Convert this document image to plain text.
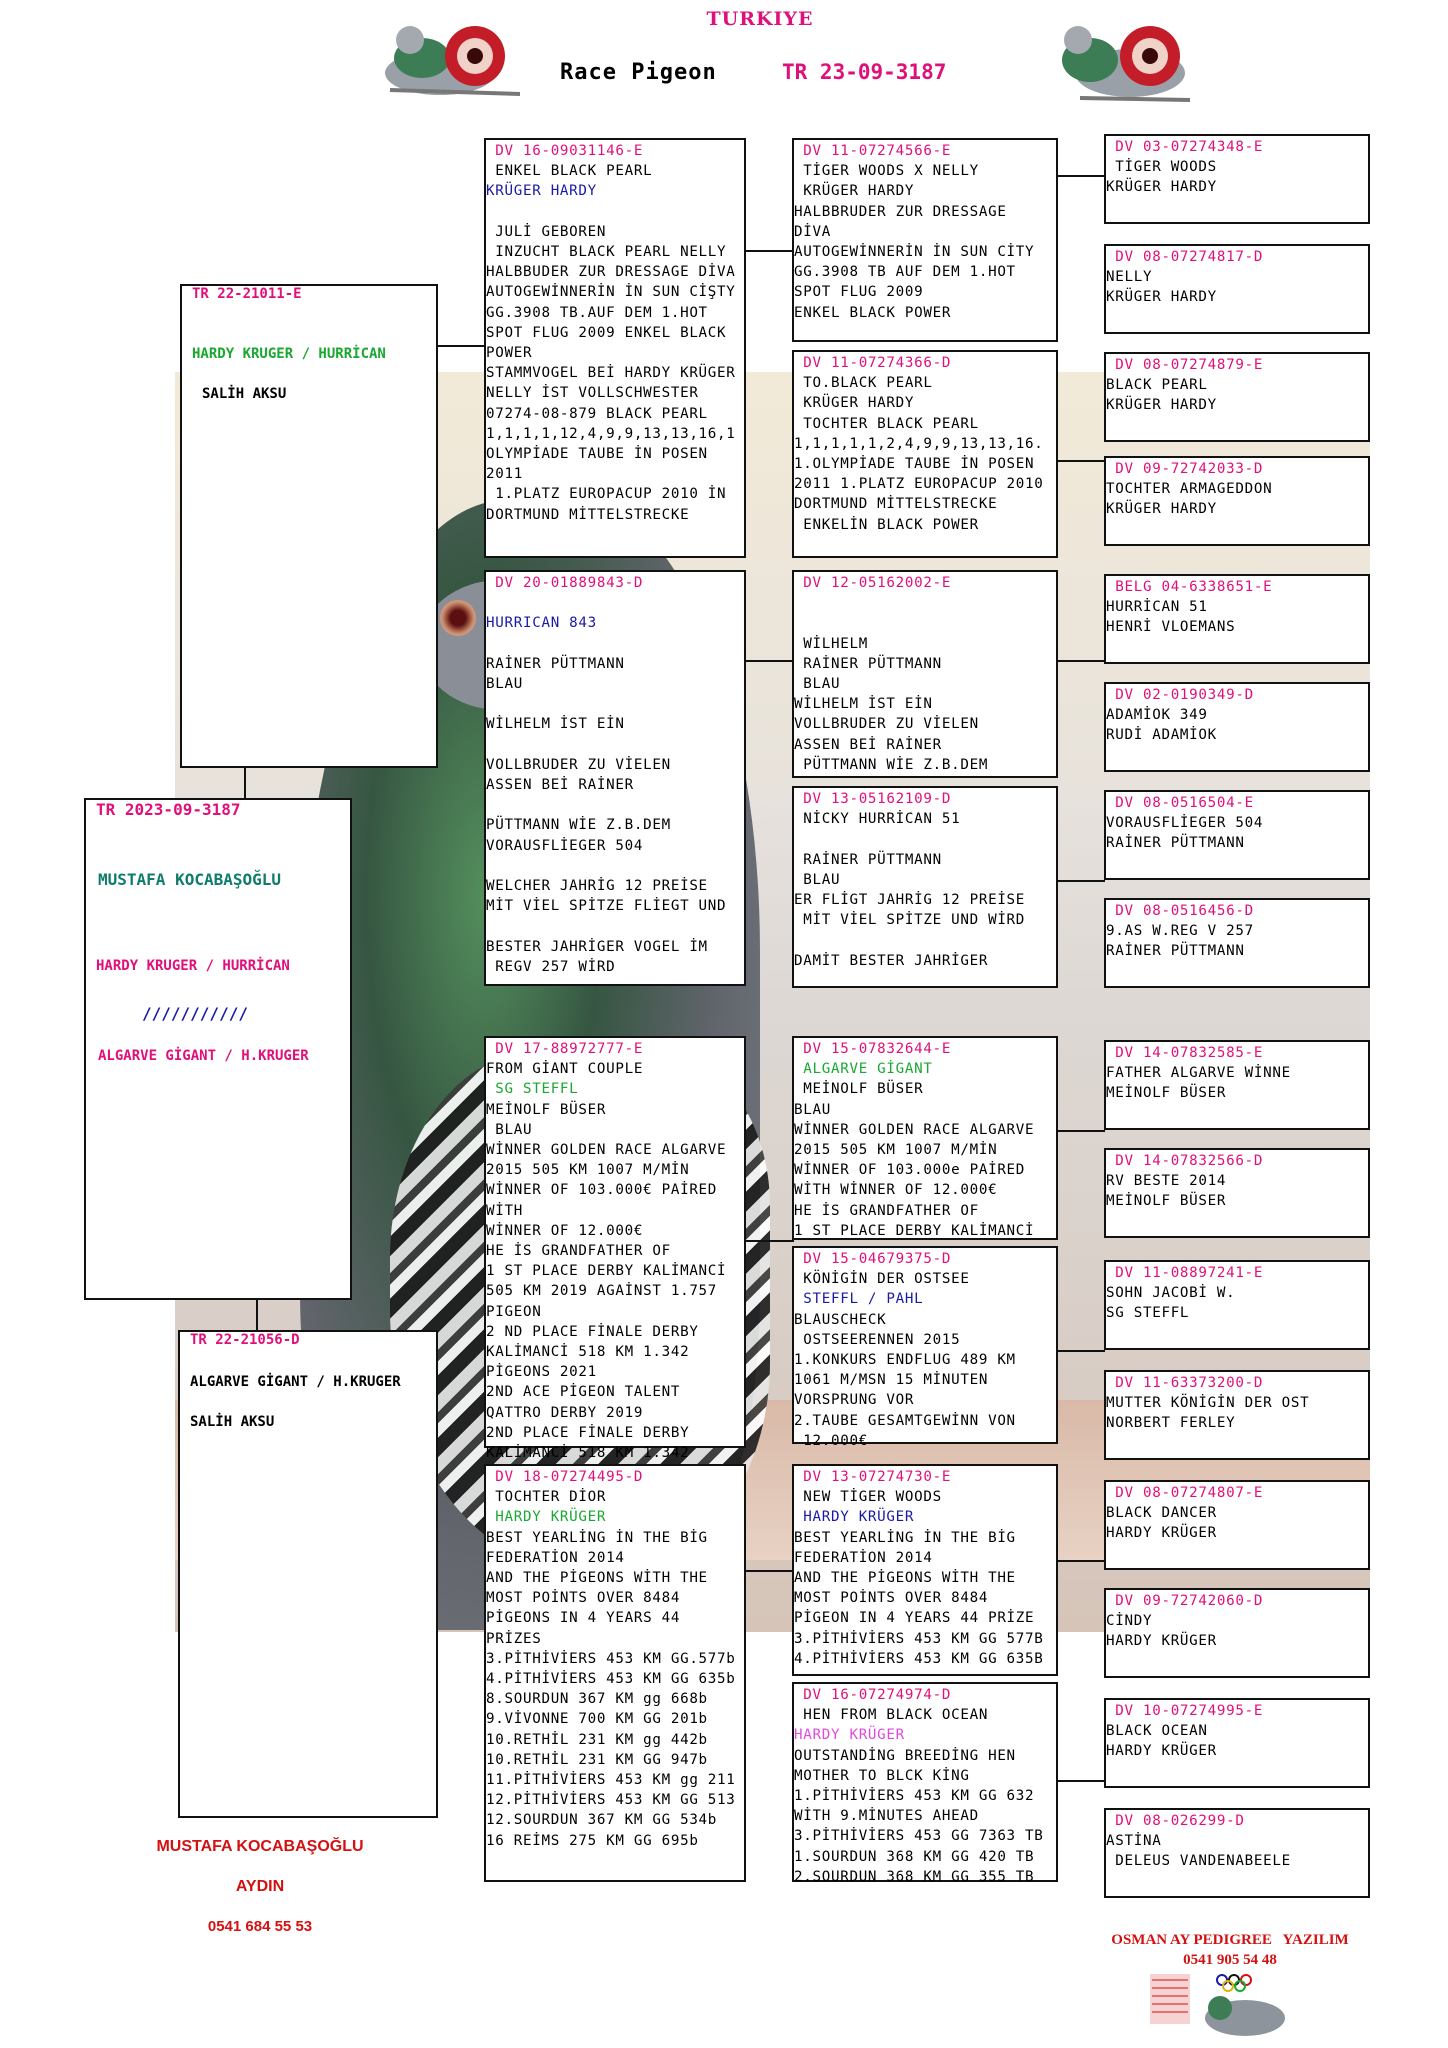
TURKIYE
Race Pigeon	TR 23-09-3187

TR 2023-09-3187

MUSTAFA KOCABAŞOĞLU

HARDY KRUGER / HURRİCAN

///////////

ALGARVE GİGANT / H.KRUGER

TR 22-21011-E

HARDY KRUGER / HURRİCAN

SALİH AKSU

TR 22-21056-D

ALGARVE GİGANT / H.KRUGER

SALİH AKSU

DV 16-09031146-E
ENKEL BLACK PEARL
KRÜGER HARDY

JULİ GEBOREN
INZUCHT BLACK PEARL NELLY
HALBBUDER ZUR DRESSAGE DİVA
AUTOGEWİNNERİN İN SUN CİŞTY
GG.3908 TB.AUF DEM 1.HOT
SPOT FLUG 2009 ENKEL BLACK
POWER
STAMMVOGEL BEİ HARDY KRÜGER
NELLY İST VOLLSCHWESTER
07274-08-879 BLACK PEARL
1,1,1,1,12,4,9,9,13,13,16,1
OLYMPİADE TAUBE İN POSEN
2011
1.PLATZ EUROPACUP 2010 İN
DORTMUND MİTTELSTRECKE
DV 20-01889843-D

HURRICAN 843

RAİNER PÜTTMANN
BLAU

WİLHELM İST EİN

VOLLBRUDER ZU VİELEN
ASSEN BEİ RAİNER

PÜTTMANN WİE Z.B.DEM
VORAUSFLİEGER 504

WELCHER JAHRİG 12 PREİSE
MİT VİEL SPİTZE FLİEGT UND

BESTER JAHRİGER VOGEL İM
REGV 257 WİRD
DV 17-88972777-E
FROM GİANT COUPLE
SG STEFFL
MEİNOLF BÜSER
BLAU
WİNNER GOLDEN RACE ALGARVE
2015 505 KM 1007 M/MİN
WİNNER OF 103.000€ PAİRED
WİTH
WİNNER OF 12.000€
HE İS GRANDFATHER OF
1 ST PLACE DERBY KALİMANCİ
505 KM 2019 AGAİNST 1.757
PIGEON
2 ND PLACE FİNALE DERBY
KALİMANCİ 518 KM 1.342
PİGEONS 2021
2ND ACE PİGEON TALENT
QATTRO DERBY 2019
2ND PLACE FİNALE DERBY
KALİMANCİ 518 KM 1.342
DV 18-07274495-D
TOCHTER DİOR
HARDY KRÜGER
BEST YEARLİNG İN THE BİG
FEDERATİON 2014
AND THE PİGEONS WİTH THE
MOST POİNTS OVER 8484
PİGEONS IN 4 YEARS 44
PRİZES
3.PİTHİVİERS 453 KM GG.577b
4.PİTHİVİERS 453 KM GG 635b
8.SOURDUN 367 KM gg 668b
9.VİVONNE 700 KM GG 201b
10.RETHİL 231 KM gg 442b
10.RETHİL 231 KM GG 947b
11.PİTHİVİERS 453 KM gg 211
12.PİTHİVİERS 453 KM GG 513
12.SOURDUN 367 KM GG 534b
16 REİMS 275 KM GG 695b
DV 11-07274566-E
TİGER WOODS X NELLY
KRÜGER HARDY
HALBBRUDER ZUR DRESSAGE
DİVA
AUTOGEWİNNERİN İN SUN CİTY
GG.3908 TB AUF DEM 1.HOT
SPOT FLUG 2009
ENKEL BLACK POWER
DV 11-07274366-D
TO.BLACK PEARL
KRÜGER HARDY
TOCHTER BLACK PEARL
1,1,1,1,1,2,4,9,9,13,13,16.
1.OLYMPİADE TAUBE İN POSEN
2011 1.PLATZ EUROPACUP 2010
DORTMUND MİTTELSTRECKE
ENKELİN BLACK POWER
DV 12-05162002-E

WİLHELM
RAİNER PÜTTMANN
BLAU
WİLHELM İST EİN
VOLLBRUDER ZU VİELEN
ASSEN BEİ RAİNER
PÜTTMANN WİE Z.B.DEM
DV 13-05162109-D
NİCKY HURRİCAN 51

RAİNER PÜTTMANN
BLAU
ER FLİGT JAHRİG 12 PREİSE
MİT VİEL SPİTZE UND WİRD

DAMİT BESTER JAHRİGER
DV 15-07832644-E
ALGARVE GİGANT
MEİNOLF BÜSER
BLAU
WİNNER GOLDEN RACE ALGARVE
2015 505 KM 1007 M/MİN
WİNNER OF 103.000e PAİRED
WİTH WİNNER OF 12.000€
HE İS GRANDFATHER OF
1 ST PLACE DERBY KALİMANCİ
DV 15-04679375-D
KÖNİGİN DER OSTSEE
STEFFL / PAHL
BLAUSCHECK
OSTSEERENNEN 2015
1.KONKURS ENDFLUG 489 KM
1061 M/MSN 15 MİNUTEN
VORSPRUNG VOR
2.TAUBE GESAMTGEWİNN VON
12.000€
DV 13-07274730-E
NEW TİGER WOODS
HARDY KRÜGER
BEST YEARLİNG İN THE BİG
FEDERATİON 2014
AND THE PİGEONS WİTH THE
MOST POİNTS OVER 8484
PİGEON IN 4 YEARS 44 PRİZE
3.PİTHİVİERS 453 KM GG 577B
4.PİTHİVİERS 453 KM GG 635B
DV 16-07274974-D
HEN FROM BLACK OCEAN
HARDY KRÜGER
OUTSTANDİNG BREEDİNG HEN
MOTHER TO BLCK KİNG
1.PİTHİVİERS 453 KM GG 632
WİTH 9.MİNUTES AHEAD
3.PİTHİVİERS 453 GG 7363 TB
1.SOURDUN 368 KM GG 420 TB
2.SOURDUN 368 KM GG 355 TB
DV 03-07274348-E
TİGER WOODS
KRÜGER HARDY
DV 08-07274817-D
NELLY
KRÜGER HARDY
DV 08-07274879-E
BLACK PEARL
KRÜGER HARDY
DV 09-72742033-D
TOCHTER ARMAGEDDON
KRÜGER HARDY
BELG 04-6338651-E
HURRİCAN 51
HENRİ VLOEMANS
DV 02-0190349-D
ADAMİOK 349
RUDİ ADAMİOK
DV 08-0516504-E
VORAUSFLİEGER 504
RAİNER PÜTTMANN
DV 08-0516456-D
9.AS W.REG V 257
RAİNER PÜTTMANN
DV 14-07832585-E
FATHER ALGARVE WİNNE
MEİNOLF BÜSER
DV 14-07832566-D
RV BESTE 2014
MEİNOLF BÜSER
DV 11-08897241-E
SOHN JACOBİ W.
SG STEFFL
DV 11-63373200-D
MUTTER KÖNİGİN DER OST
NORBERT FERLEY
DV 08-07274807-E
BLACK DANCER
HARDY KRÜGER
DV 09-72742060-D
CİNDY
HARDY KRÜGER
DV 10-07274995-E
BLACK OCEAN
HARDY KRÜGER
DV 08-026299-D
ASTİNA
DELEUS VANDENABEELE
MUSTAFA KOCABAŞOĞLU
AYDIN
0541 684 55 53
OSMAN AY PEDIGREE   YAZILIM
0541 905 54 48
